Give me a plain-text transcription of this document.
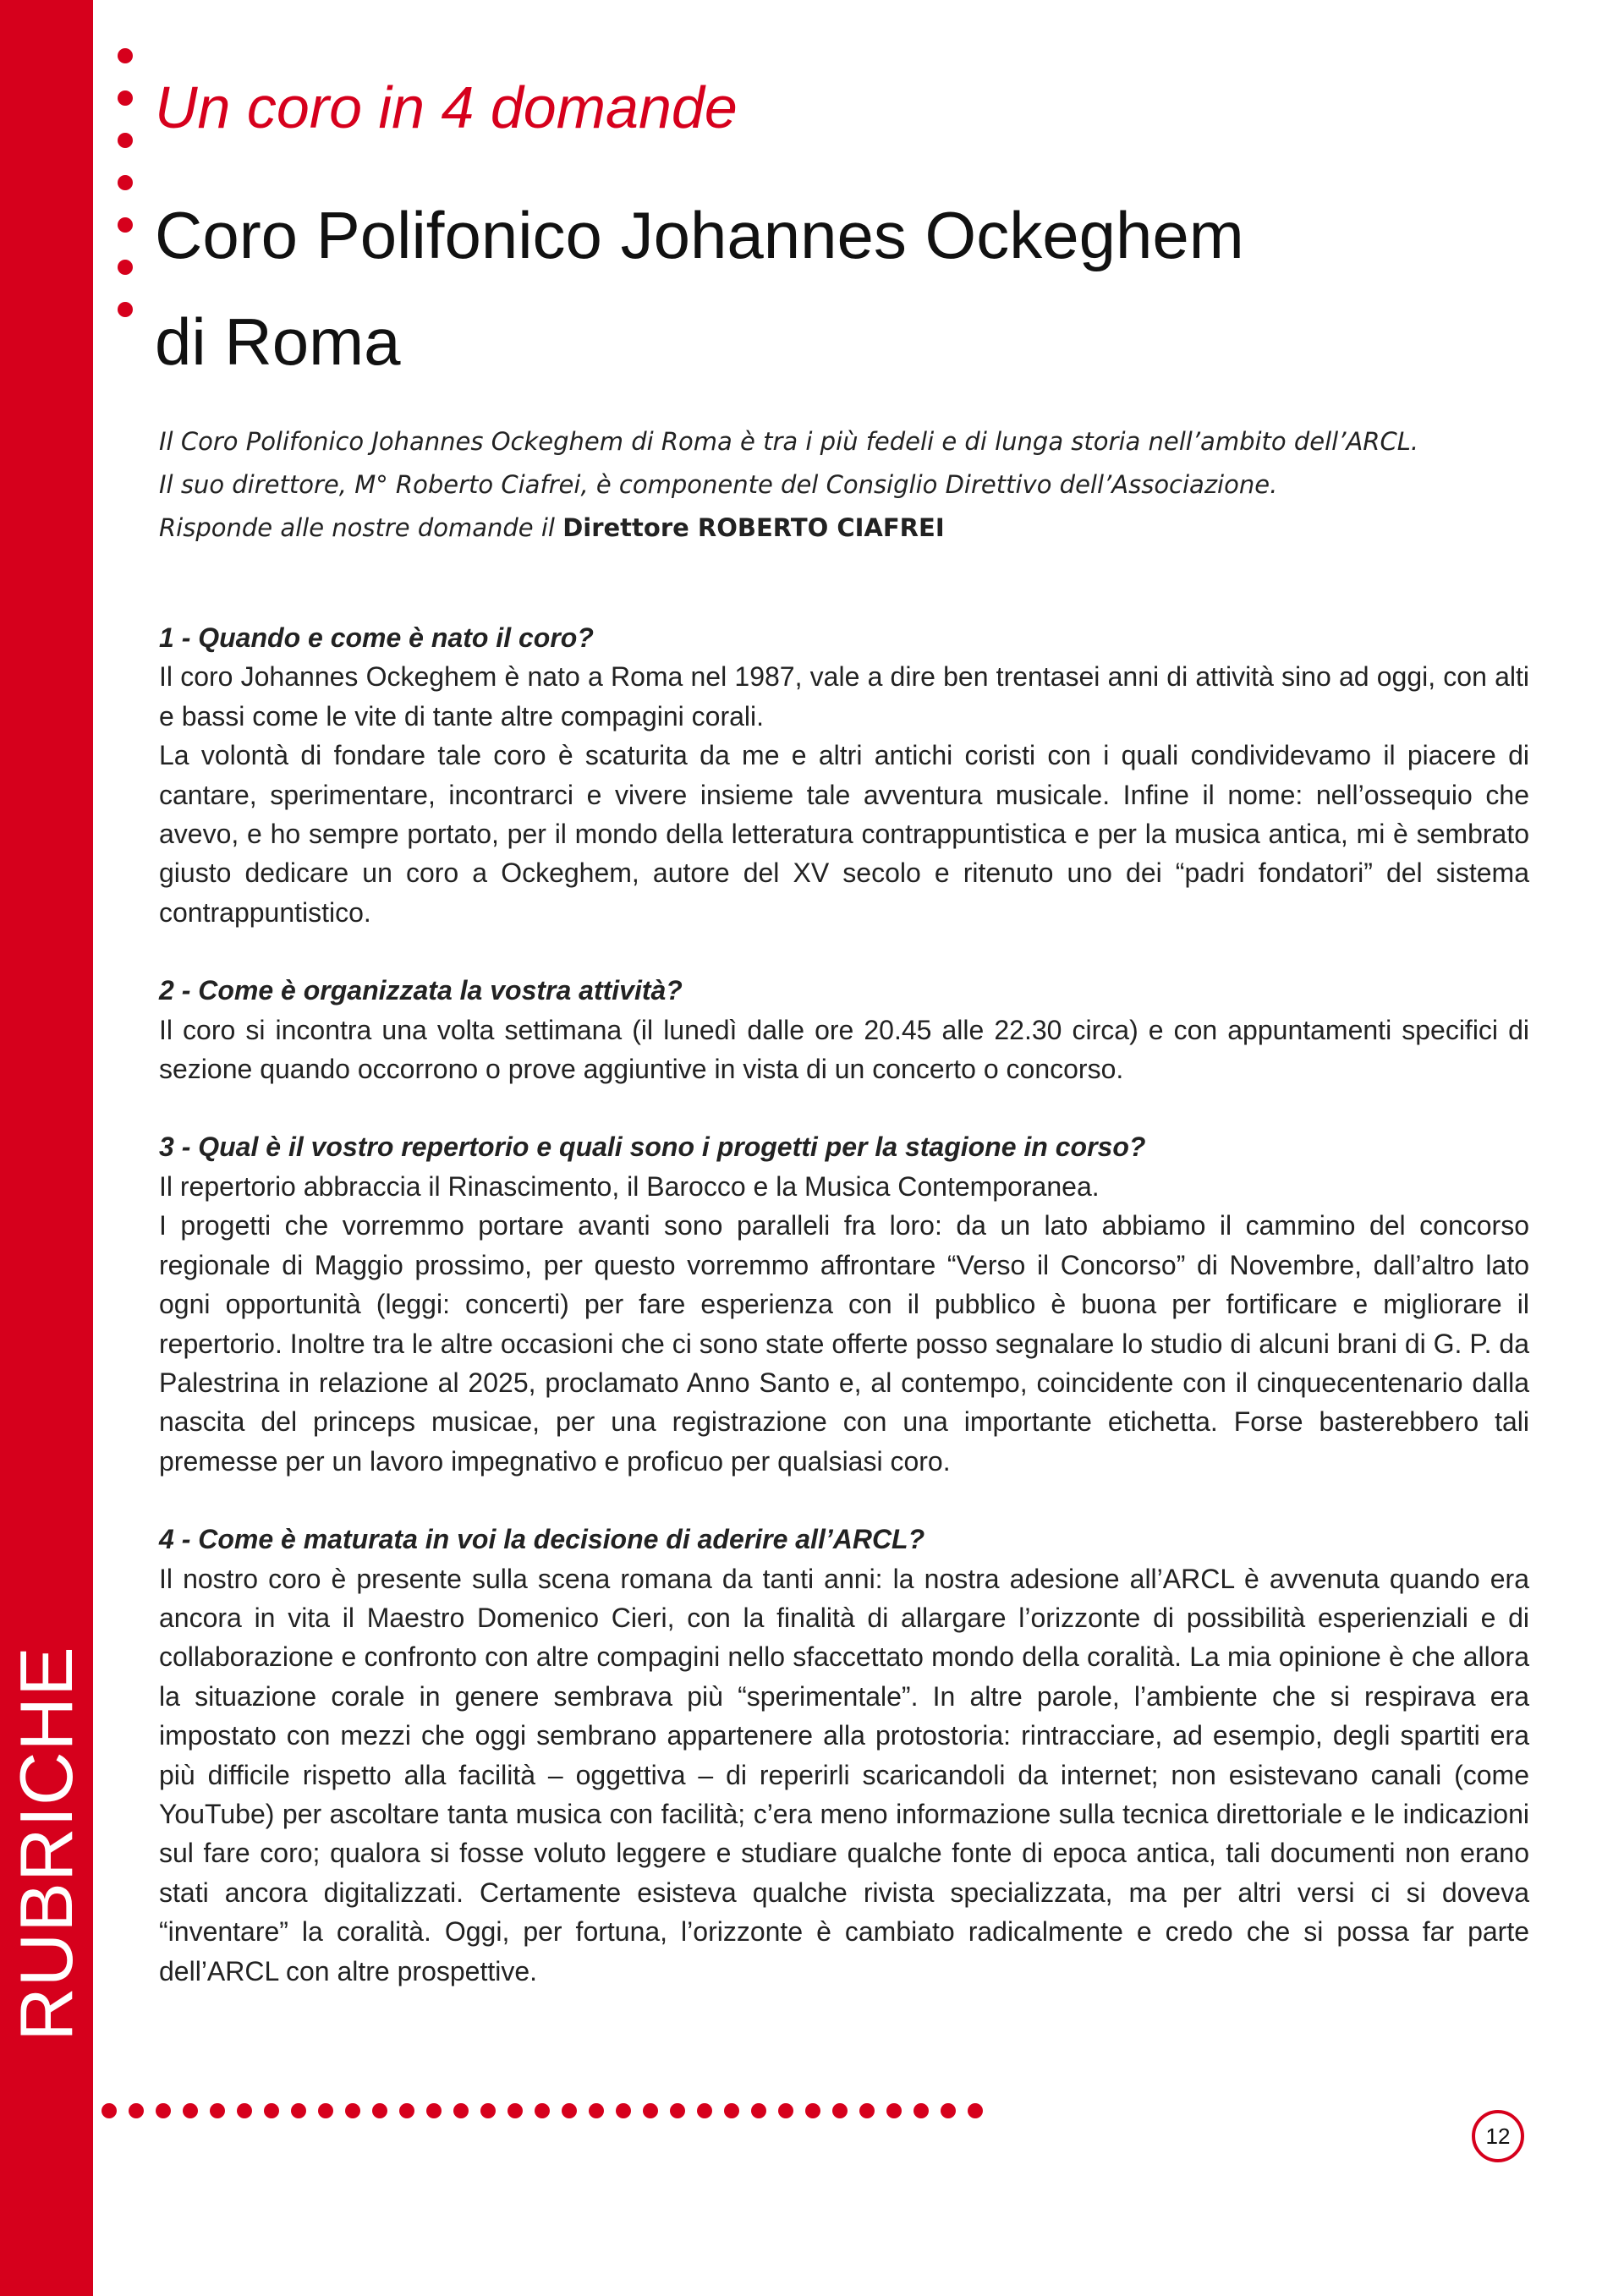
RUBRICHE
Un coro in 4 domande
Coro Polifonico Johannes Ockeghem
di Roma
Il Coro Polifonico Johannes Ockeghem di Roma è tra i più fedeli e di lunga storia nell’ambito dell’ARCL.
Il suo direttore, M° Roberto Ciafrei, è componente del Consiglio Direttivo dell’Associazione.
Risponde alle nostre domande il Direttore ROBERTO CIAFREI

1 - Quando e come è nato il coro?

Il coro Johannes Ockeghem è nato a Roma nel 1987, vale a dire ben trentasei anni di attività sino ad oggi, con alti e bassi come le vite di tante altre compagini corali.

La volontà di fondare tale coro è scaturita da me e altri antichi coristi con i quali condividevamo il piacere di cantare, sperimentare, incontrarci e vivere insieme tale avventura musicale. Infine il nome: nell’ossequio che avevo, e ho sempre portato, per il mondo della letteratura contrappuntistica e per la musica antica, mi è sembrato giusto dedicare un coro a Ockeghem, autore del XV secolo e ritenuto uno dei “padri fondatori” del sistema contrappuntistico.

2 - Come è organizzata la vostra attività?

Il coro si incontra una volta settimana (il lunedì dalle ore 20.45 alle 22.30 circa) e con appuntamenti specifici di sezione quando occorrono o prove aggiuntive in vista di un concerto o concorso.

3 - Qual è il vostro repertorio e quali sono i progetti per la stagione in corso?

Il repertorio abbraccia il Rinascimento, il Barocco e la Musica Contemporanea.

I progetti che vorremmo portare avanti sono paralleli fra loro: da un lato abbiamo il cammino del concorso regionale di Maggio prossimo, per questo vorremmo affrontare “Verso il Concorso” di Novembre, dall’altro lato ogni opportunità (leggi: concerti) per fare esperienza con il pubblico è buona per fortificare e migliorare il repertorio. Inoltre tra le altre occasioni che ci sono state offerte posso segnalare lo studio di alcuni brani di G. P. da Palestrina in relazione al 2025, proclamato Anno Santo e, al contempo, coincidente con il cinquecentenario dalla nascita del princeps musicae, per una registrazione con una importante etichetta. Forse basterebbero tali premesse per un lavoro impegnativo e proficuo per qualsiasi coro.

4 - Come è maturata in voi la decisione di aderire all’ARCL?

Il nostro coro è presente sulla scena romana da tanti anni: la nostra adesione all’ARCL è avvenuta quando era ancora in vita il Maestro Domenico Cieri, con la finalità di allargare l’orizzonte di possibilità esperienziali e di collaborazione e confronto con altre compagini nello sfaccettato mondo della coralità. La mia opinione è che allora la situazione corale in genere sembrava più “sperimentale”. In altre parole, l’ambiente che si respirava era impostato con mezzi che oggi sembrano appartenere alla protostoria: rintracciare, ad esempio, degli spartiti era più difficile rispetto alla facilità – oggettiva – di reperirli scaricandoli da internet; non esistevano canali (come YouTube) per ascoltare tanta musica con facilità; c’era meno informazione sulla tecnica direttoriale e le indicazioni sul fare coro; qualora si fosse voluto leggere e studiare qualche fonte di epoca antica, tali documenti non erano stati ancora digitalizzati. Certamente esisteva qualche rivista specializzata, ma per altri versi ci si doveva “inventare” la coralità. Oggi, per fortuna, l’orizzonte è cambiato radicalmente e credo che si possa far parte dell’ARCL con altre prospettive.

12
